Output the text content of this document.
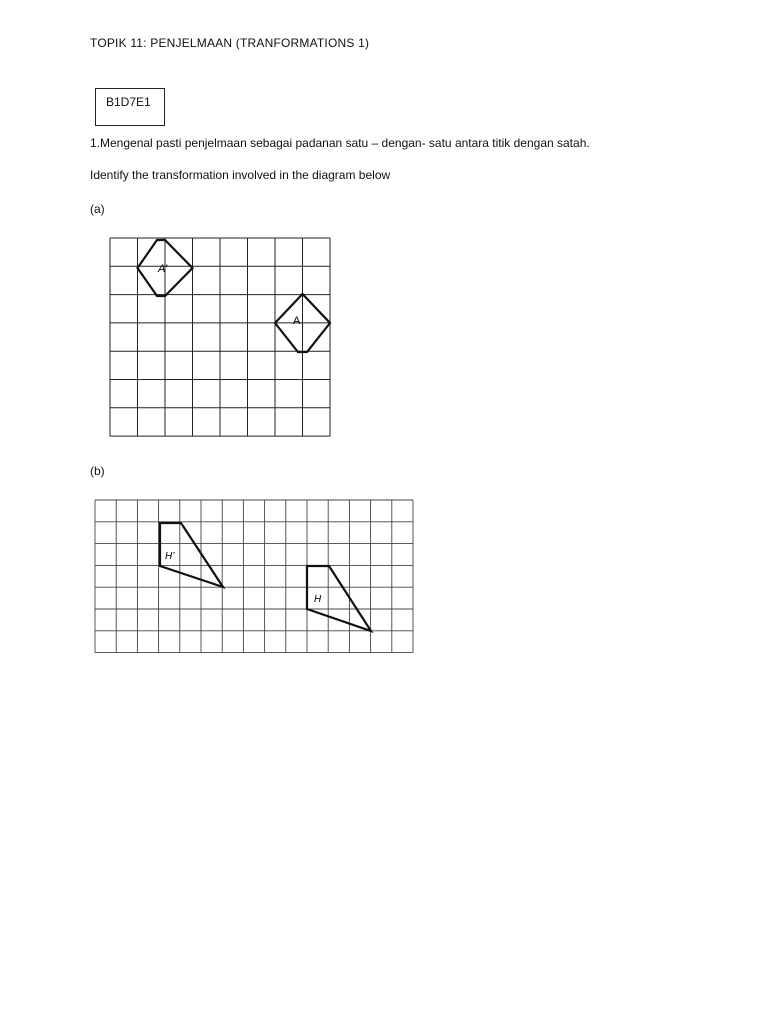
TOPIK 11: PENJELMAAN (TRANFORMATIONS 1)
B1D7E1
1.Mengenal pasti penjelmaan sebagai padanan satu – dengan- satu antara titik dengan satah.
Identify the transformation involved in the diagram below
(a)
A’
A
(b)
H’
H
